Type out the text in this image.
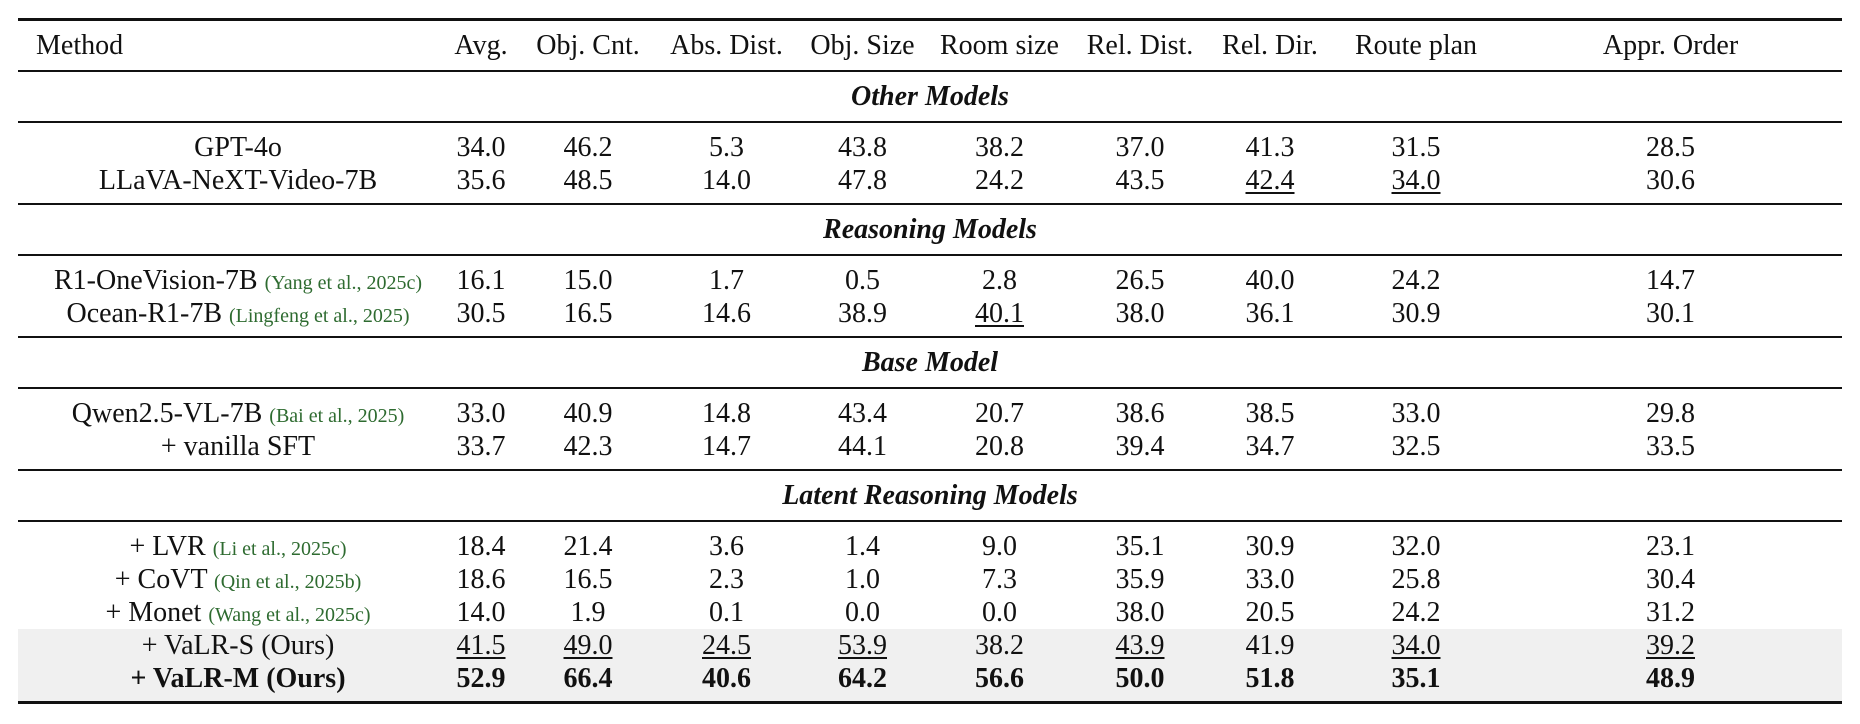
Method	Avg.	Obj. Cnt.	Abs. Dist.	Obj. Size	Room size	Rel. Dist.	Rel. Dir.	Route plan	Appr. Order
Other Models									
GPT-4o	34.0	46.2	5.3	43.8	38.2	37.0	41.3	31.5	28.5
LLaVA-NeXT-Video-7B	35.6	48.5	14.0	47.8	24.2	43.5	42.4	34.0	30.6
Reasoning Models									
R1-OneVision-7B (Yang et al., 2025c)	16.1	15.0	1.7	0.5	2.8	26.5	40.0	24.2	14.7
Ocean-R1-7B (Lingfeng et al., 2025)	30.5	16.5	14.6	38.9	40.1	38.0	36.1	30.9	30.1
Base Model									
Qwen2.5-VL-7B (Bai et al., 2025)	33.0	40.9	14.8	43.4	20.7	38.6	38.5	33.0	29.8
+ vanilla SFT	33.7	42.3	14.7	44.1	20.8	39.4	34.7	32.5	33.5
Latent Reasoning Models									
+ LVR (Li et al., 2025c)	18.4	21.4	3.6	1.4	9.0	35.1	30.9	32.0	23.1
+ CoVT (Qin et al., 2025b)	18.6	16.5	2.3	1.0	7.3	35.9	33.0	25.8	30.4
+ Monet (Wang et al., 2025c)	14.0	1.9	0.1	0.0	0.0	38.0	20.5	24.2	31.2
+ VaLR-S (Ours)	41.5	49.0	24.5	53.9	38.2	43.9	41.9	34.0	39.2
+ VaLR-M (Ours)	52.9	66.4	40.6	64.2	56.6	50.0	51.8	35.1	48.9
